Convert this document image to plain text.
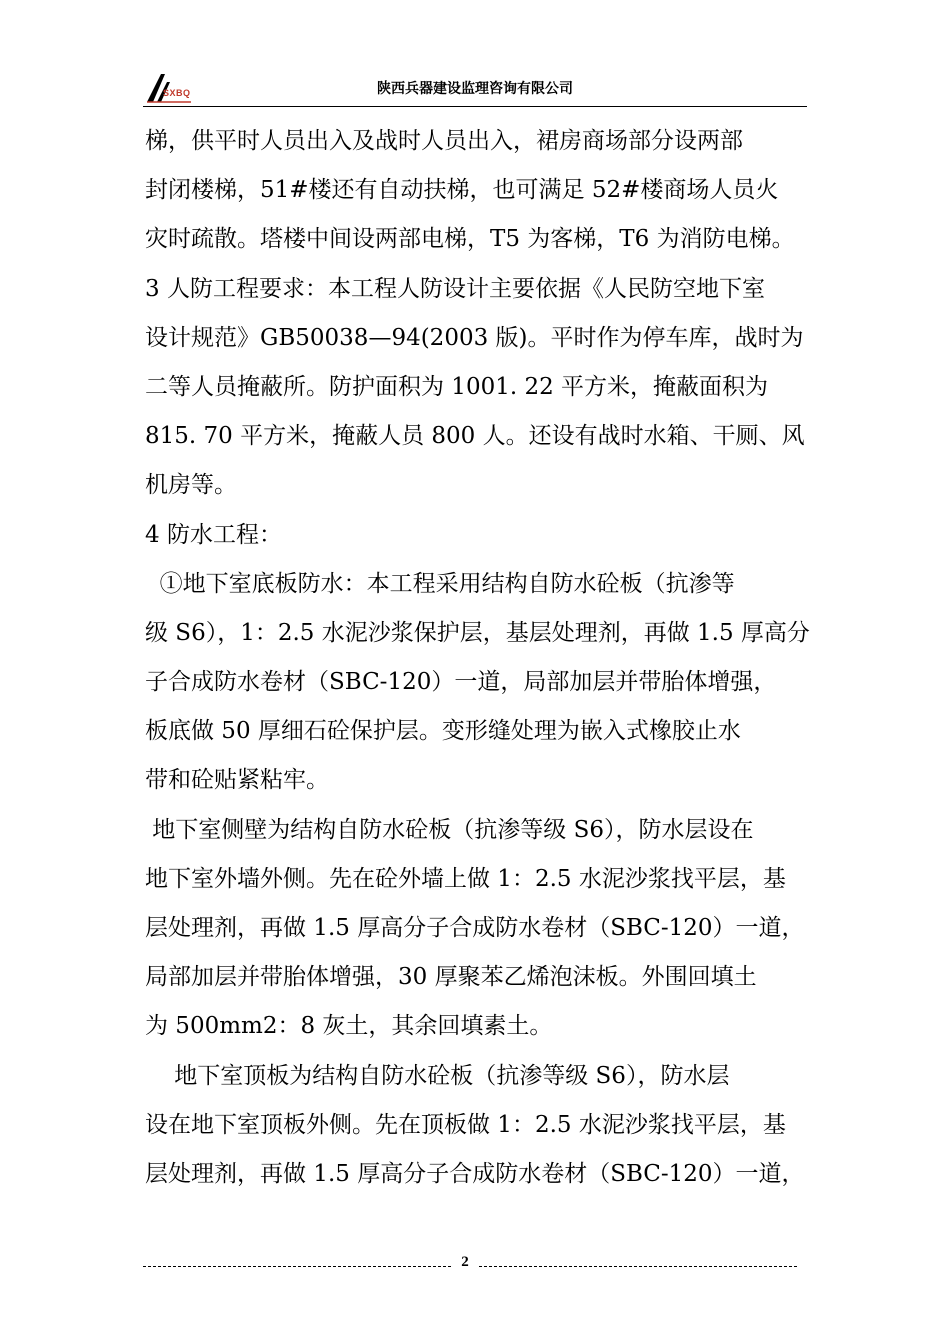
SXBQ	陕西兵器建设监理咨询有限公司
梯，供平时人员出入及战时人员出入，裙房商场部分设两部
封闭楼梯，51#楼还有自动扶梯，也可满足 52#楼商场人员火
灾时疏散。塔楼中间设两部电梯，T5 为客梯，T6 为消防电梯。
3 人防工程要求：本工程人防设计主要依据《人民防空地下室
设计规范》GB50038—94(2003 版)。平时作为停车库，战时为
二等人员掩蔽所。防护面积为 1001. 22 平方米，掩蔽面积为
815. 70 平方米，掩蔽人员 800 人。还设有战时水箱、干厕、风
机房等。
4 防水工程：
①地下室底板防水：本工程采用结构自防水砼板（抗渗等
级 S6），1：2.5 水泥沙浆保护层，基层处理剂，再做 1.5 厚高分
子合成防水卷材（SBC-120）一道，局部加层并带胎体增强，
板底做 50 厚细石砼保护层。变形缝处理为嵌入式橡胶止水
带和砼贴紧粘牢。
地下室侧壁为结构自防水砼板（抗渗等级 S6），防水层设在
地下室外墙外侧。先在砼外墙上做 1：2.5 水泥沙浆找平层，基
层处理剂，再做 1.5 厚高分子合成防水卷材（SBC-120）一道，
局部加层并带胎体增强，30 厚聚苯乙烯泡沫板。外围回填土
为 500mm2：8 灰土，其余回填素土。
地下室顶板为结构自防水砼板（抗渗等级 S6），防水层
设在地下室顶板外侧。先在顶板做 1：2.5 水泥沙浆找平层，基
层处理剂，再做 1.5 厚高分子合成防水卷材（SBC-120）一道，
2
